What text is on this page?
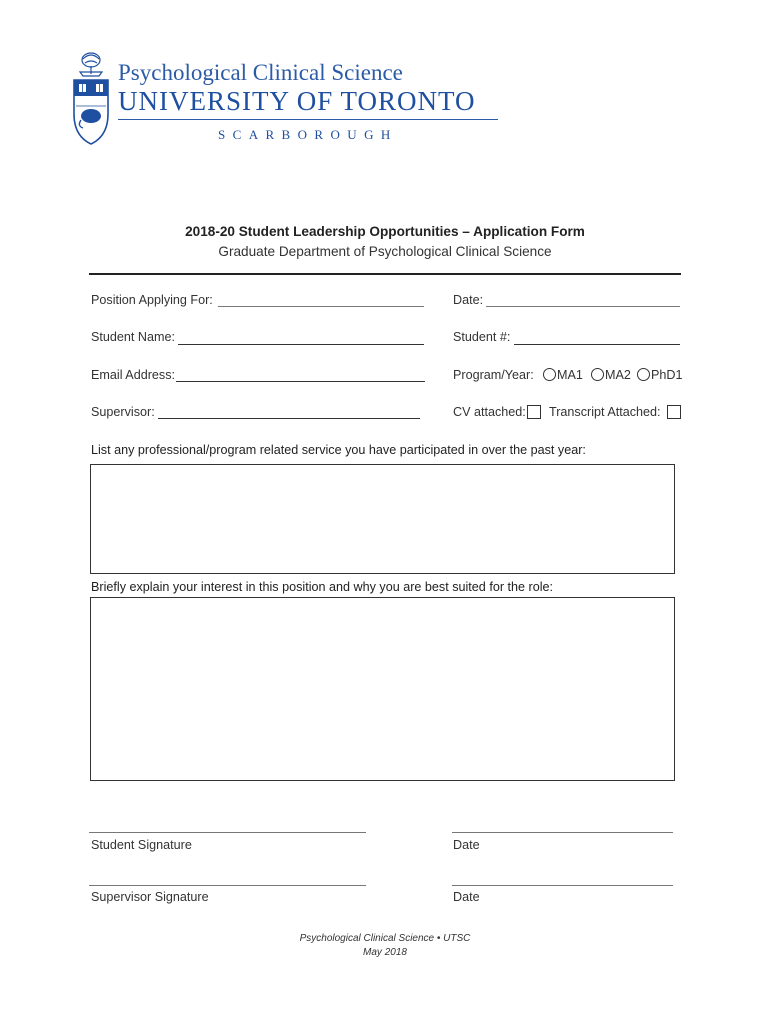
Psychological Clinical Science
UNIVERSITY OF TORONTO
SCARBOROUGH
2018-20 Student Leadership Opportunities – Application Form
Graduate Department of Psychological Clinical Science
Position Applying For:	Date:
Student Name:	Student #:
Email Address:	Program/Year:	MA1	MA2	PhD1
Supervisor:	CV attached: Transcript Attached:
List any professional/program related service you have participated in over the past year:
Briefly explain your interest in this position and why you are best suited for the role:
Student Signature	Date
Supervisor Signature	Date
Psychological Clinical Science • UTSC
May 2018
